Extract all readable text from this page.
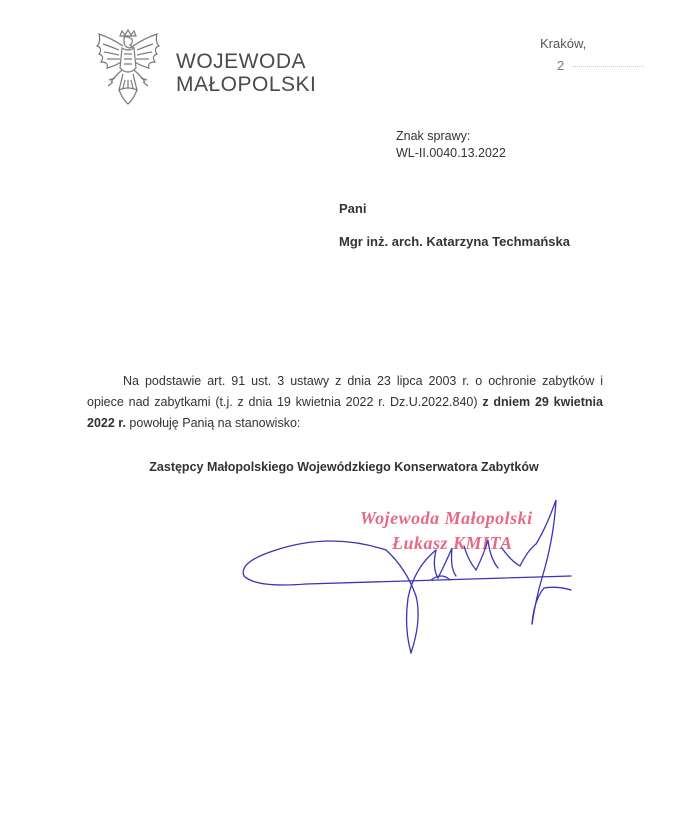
WOJEWODA
MAŁOPOLSKI
Kraków,
2
Znak sprawy:
WL-II.0040.13.2022
Pani
Mgr inż. arch. Katarzyna Techmańska
Na podstawie art. 91 ust. 3 ustawy z dnia 23 lipca 2003 r. o ochronie zabytków i opiece nad zabytkami (t.j. z dnia 19 kwietnia 2022 r. Dz.U.2022.840) z dniem 29 kwietnia 2022 r. powołuję Panią na stanowisko:
Zastępcy Małopolskiego Wojewódzkiego Konserwatora Zabytków
Wojewoda Małopolski
Łukasz KMITA
